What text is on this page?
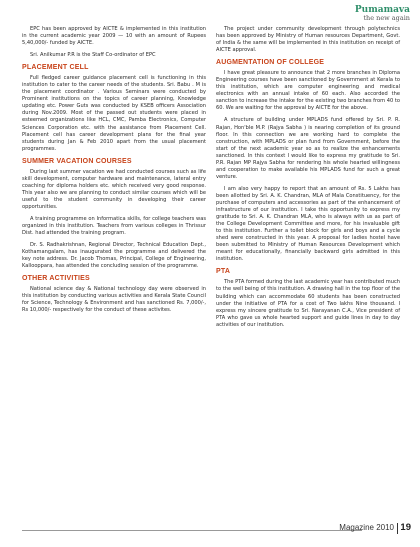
Pumamava
the new again

EPC has been approved by AICTE & implemented in this institution in the current academic year 2009 — 10 with an amount of Rupees 5,40,000/- funded by AICTE.

Sri. Anilkumar P.R is the Staff Co-ordinator of EPC

PLACEMENT CELL

Full fledged career guidance placement cell is functioning in this institution to cater to the career needs of the students. Sri. Babu . M is the placement coordinator . Various Seminars were conducted by Prominent institutions on the topics of career planning, Knowledge updating etc. Power Guts was conducted by KSEB officers Association during Nov.2009. Most of the passed out students were placed in esteemed organizations like HCL, CMC, Pamba Electronics, Computer Sciences Corporation etc. with the assistance from Placement Cell. Placement cell has career development plans for the final year students during Jan & Feb 2010 apart from the usual placement programmes.

SUMMER VACATION COURSES

During last summer vacation we had conducted courses such as life skill development, computer hardware and maintenance, lateral entry coaching for diploma holders etc. which received very good response. This year also we are planning to conduct similar courses which will be useful to the student community in developing their career opportunities.

A training programme on Informatica skills, for college teachers was organized in this institution. Teachers from various colleges in Thrissur Dist. had attended the training program.

Dr. S. Radhakrishnan, Regional Director, Technical Education Dept., Kothamangalam, has inaugurated the programme and delivered the key note address. Dr. Jacob Thomas, Principal, College of Engineering, Kallooppara, has attended the concluding session of the programme.

OTHER ACTIVITIES

National science day & National technology day were observed in this institution by conducting various activities and Kerala State Council for Science, Technology & Environment and has sanctioned Rs. 7,000/-, Rs 10,000/- respectively for the conduct of these activites.

The project under community development through polytechnics has been approved by Ministry of Human resources Department, Govt. of India & the same will be implemented in this institution on receipt of AICTE approval.

AUGMENTATION OF COLLEGE

I have great pleasure to announce that 2 more branches in Diploma Engineering courses have been sanctioned by Government at Kerala to this institution, which are computer engineering and medical electronics with an annual intake of 60 each. Also accorded the sanction to increase the intake for the existing two branches from 40 to 60. We are waiting for the approval by AICTE for the above.

A structure of building under MPLADS fund offered by Sri. P. R. Rajan, Hon'ble M.P. (Rajya Sabha ) is nearing completion of its ground floor. In this connection we are working hard to complete the construction, with MPLADS or plan fund from Government, before the start of the next academic year so as to realize the enhancements sanctioned. In this context I would like to express my gratitude to Sri. P.R. Rajan MP Rajya Sabha for rendering his whole hearted willingness and cooperation to make available his MPLADS fund for such a great venture.

I am also very happy to report that an amount of Rs. 5 Lakhs has been allotted by Sri. A. K. Chandran, MLA of Mala Constituency, for the purchase of computers and accessories as part of the enhancement of infrastructure of our institution. I take this opportunity to express my gratitude to Sri. A. K. Chandran MLA, who is always with us as part of the College Development Committee and more, for his invaluable gift to this institution. Further a toilet block for girls and boys and a cycle shed were constructed in this year. A proposal for ladies hostel have been submitted to Ministry of Human Resources Development which meant for educationally, financially backward girls admitted in this institution.

PTA

The PTA formed during the last academic year has contributed much to the well being of this institution. A drawing hall in the top floor of the building which can accommodate 60 students has been constructed under the initiative of PTA for a cost of Two lakhs Nine thousand. I express my sincere gratitude to Sri. Narayanan C.A., Vice president of PTA who gave us whole hearted support and guide lines in day to day activities of our institution.

Magazine 2010 19
